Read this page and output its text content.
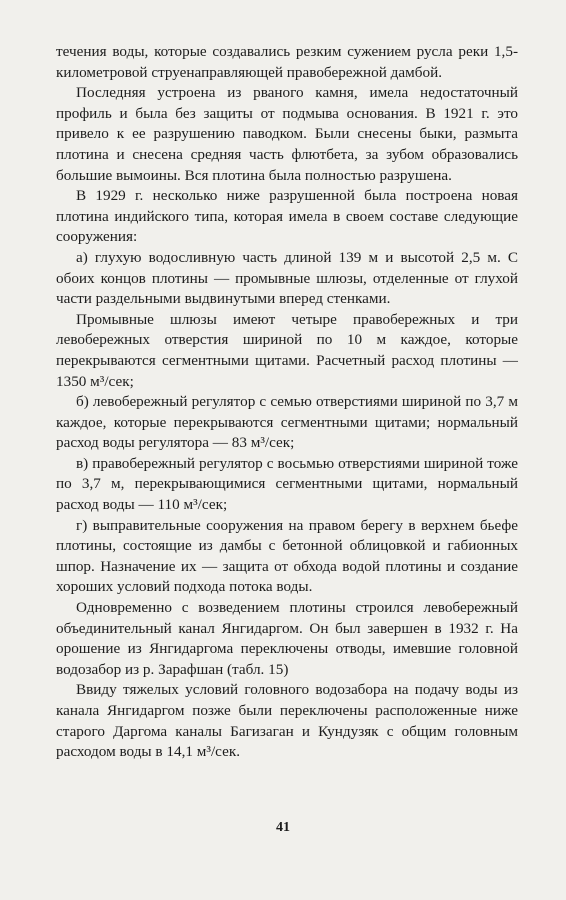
течения воды, которые создавались резким сужением русла реки 1,5-километровой струенаправляющей правобережной дамбой.

Последняя устроена из рваного камня, имела недостаточный профиль и была без защиты от подмыва основания. В 1921 г. это привело к ее разрушению паводком. Были снесены быки, размыта плотина и снесена средняя часть флютбета, за зубом образовались большие вымоины. Вся плотина была полностью разрушена.

В 1929 г. несколько ниже разрушенной была построена новая плотина индийского типа, которая имела в своем составе следующие сооружения:

а) глухую водосливную часть длиной 139 м и высотой 2,5 м. С обоих концов плотины — промывные шлюзы, отделенные от глухой части раздельными выдвинутыми вперед стенками.

Промывные шлюзы имеют четыре правобережных и три левобережных отверстия шириной по 10 м каждое, которые перекрываются сегментными щитами. Расчетный расход плотины — 1350 м³/сек;

б) левобережный регулятор с семью отверстиями шириной по 3,7 м каждое, которые перекрываются сегментными щитами; нормальный расход воды регулятора — 83 м³/сек;

в) правобережный регулятор с восьмью отверстиями шириной тоже по 3,7 м, перекрывающимися сегментными щитами, нормальный расход воды — 110 м³/сек;

г) выправительные сооружения на правом берегу в верхнем бьефе плотины, состоящие из дамбы с бетонной облицовкой и габионных шпор. Назначение их — защита от обхода водой плотины и создание хороших условий подхода потока воды.

Одновременно с возведением плотины строился левобережный объединительный канал Янгидаргом. Он был завершен в 1932 г. На орошение из Янгидаргома переключены отводы, имевшие головной водозабор из р. Зарафшан (табл. 15)

Ввиду тяжелых условий головного водозабора на подачу воды из канала Янгидаргом позже были переключены расположенные ниже старого Даргома каналы Багизаган и Кундузяк с общим головным расходом воды в 14,1 м³/сек.

41
